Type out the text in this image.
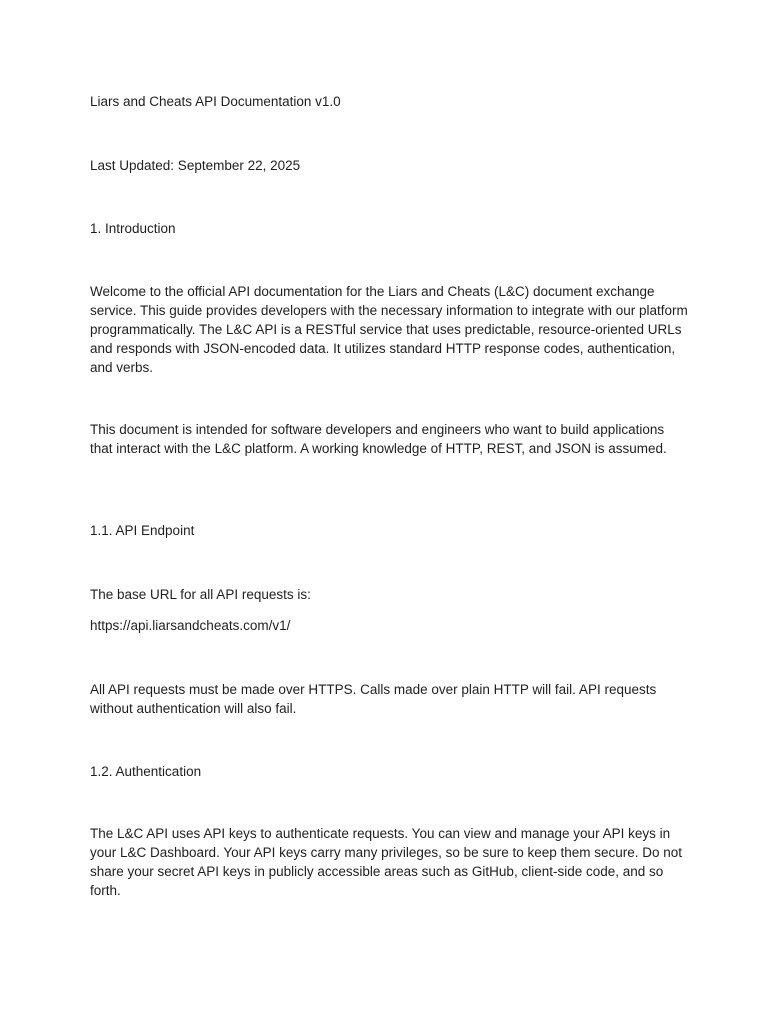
Liars and Cheats API Documentation v1.0

Last Updated: September 22, 2025

1. Introduction

Welcome to the official API documentation for the Liars and Cheats (L&C) document exchange service. This guide provides developers with the necessary information to integrate with our platform programmatically. The L&C API is a RESTful service that uses predictable, resource-oriented URLs and responds with JSON-encoded data. It utilizes standard HTTP response codes, authentication, and verbs.

This document is intended for software developers and engineers who want to build applications that interact with the L&C platform. A working knowledge of HTTP, REST, and JSON is assumed.

1.1. API Endpoint

The base URL for all API requests is:

https://api.liarsandcheats.com/v1/

All API requests must be made over HTTPS. Calls made over plain HTTP will fail. API requests without authentication will also fail.

1.2. Authentication

The L&C API uses API keys to authenticate requests. You can view and manage your API keys in your L&C Dashboard. Your API keys carry many privileges, so be sure to keep them secure. Do not share your secret API keys in publicly accessible areas such as GitHub, client-side code, and so forth.
